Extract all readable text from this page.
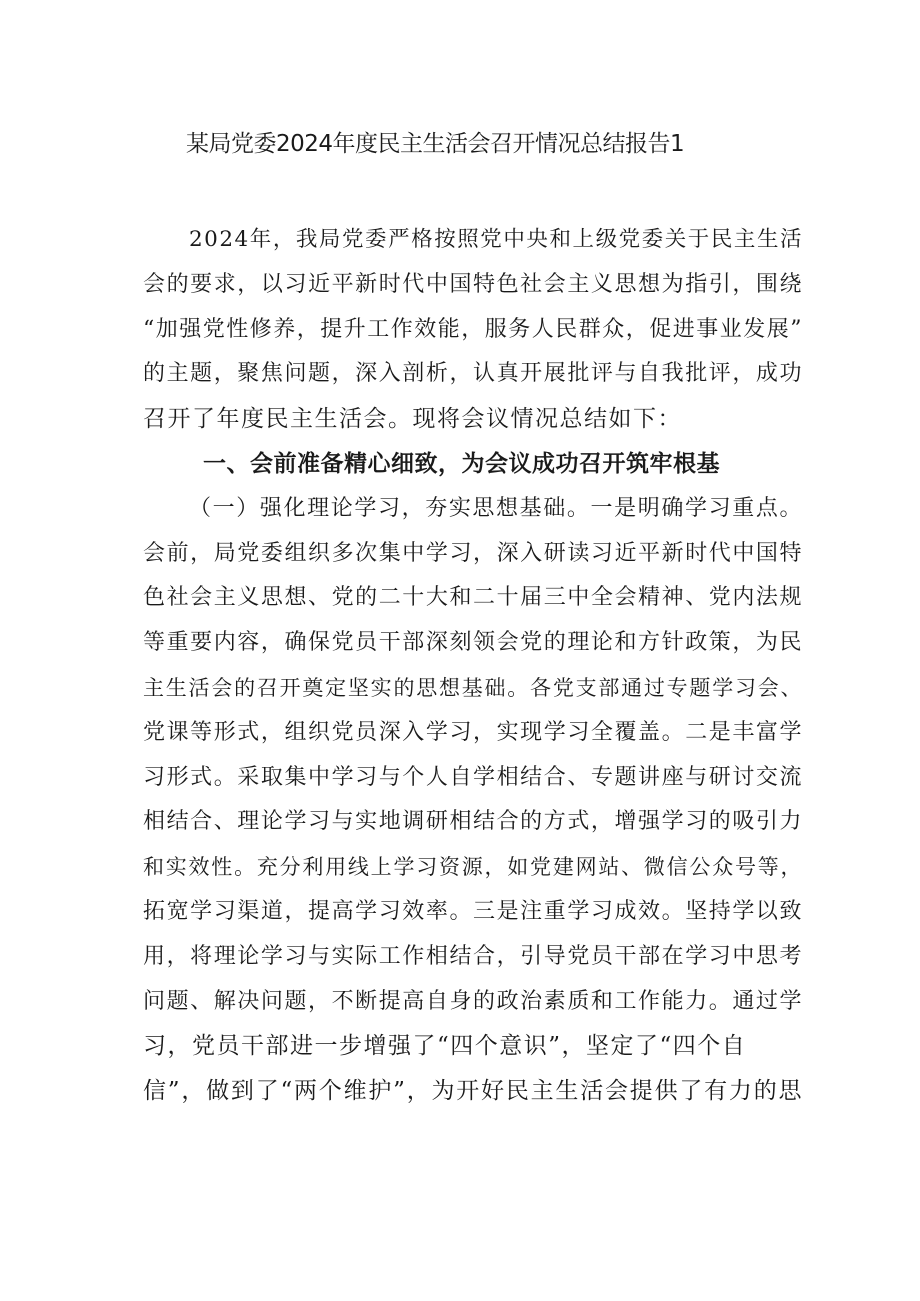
某局党委2024年度民主生活会召开情况总结报告1
2024年，我局党委严格按照党中央和上级党委关于民主生活
会的要求，以习近平新时代中国特色社会主义思想为指引，围绕
“加强党性修养，提升工作效能，服务人民群众，促进事业发展”
的主题，聚焦问题，深入剖析，认真开展批评与自我批评，成功
召开了年度民主生活会。现将会议情况总结如下：
一、会前准备精心细致，为会议成功召开筑牢根基
（一）强化理论学习，夯实思想基础。一是明确学习重点。
会前，局党委组织多次集中学习，深入研读习近平新时代中国特
色社会主义思想、党的二十大和二十届三中全会精神、党内法规
等重要内容，确保党员干部深刻领会党的理论和方针政策，为民
主生活会的召开奠定坚实的思想基础。各党支部通过专题学习会、
党课等形式，组织党员深入学习，实现学习全覆盖。二是丰富学
习形式。采取集中学习与个人自学相结合、专题讲座与研讨交流
相结合、理论学习与实地调研相结合的方式，增强学习的吸引力
和实效性。充分利用线上学习资源，如党建网站、微信公众号等，
拓宽学习渠道，提高学习效率。三是注重学习成效。坚持学以致
用，将理论学习与实际工作相结合，引导党员干部在学习中思考
问题、解决问题，不断提高自身的政治素质和工作能力。通过学
习，党员干部进一步增强了“四个意识”，坚定了“四个自
信”，做到了“两个维护”，为开好民主生活会提供了有力的思
